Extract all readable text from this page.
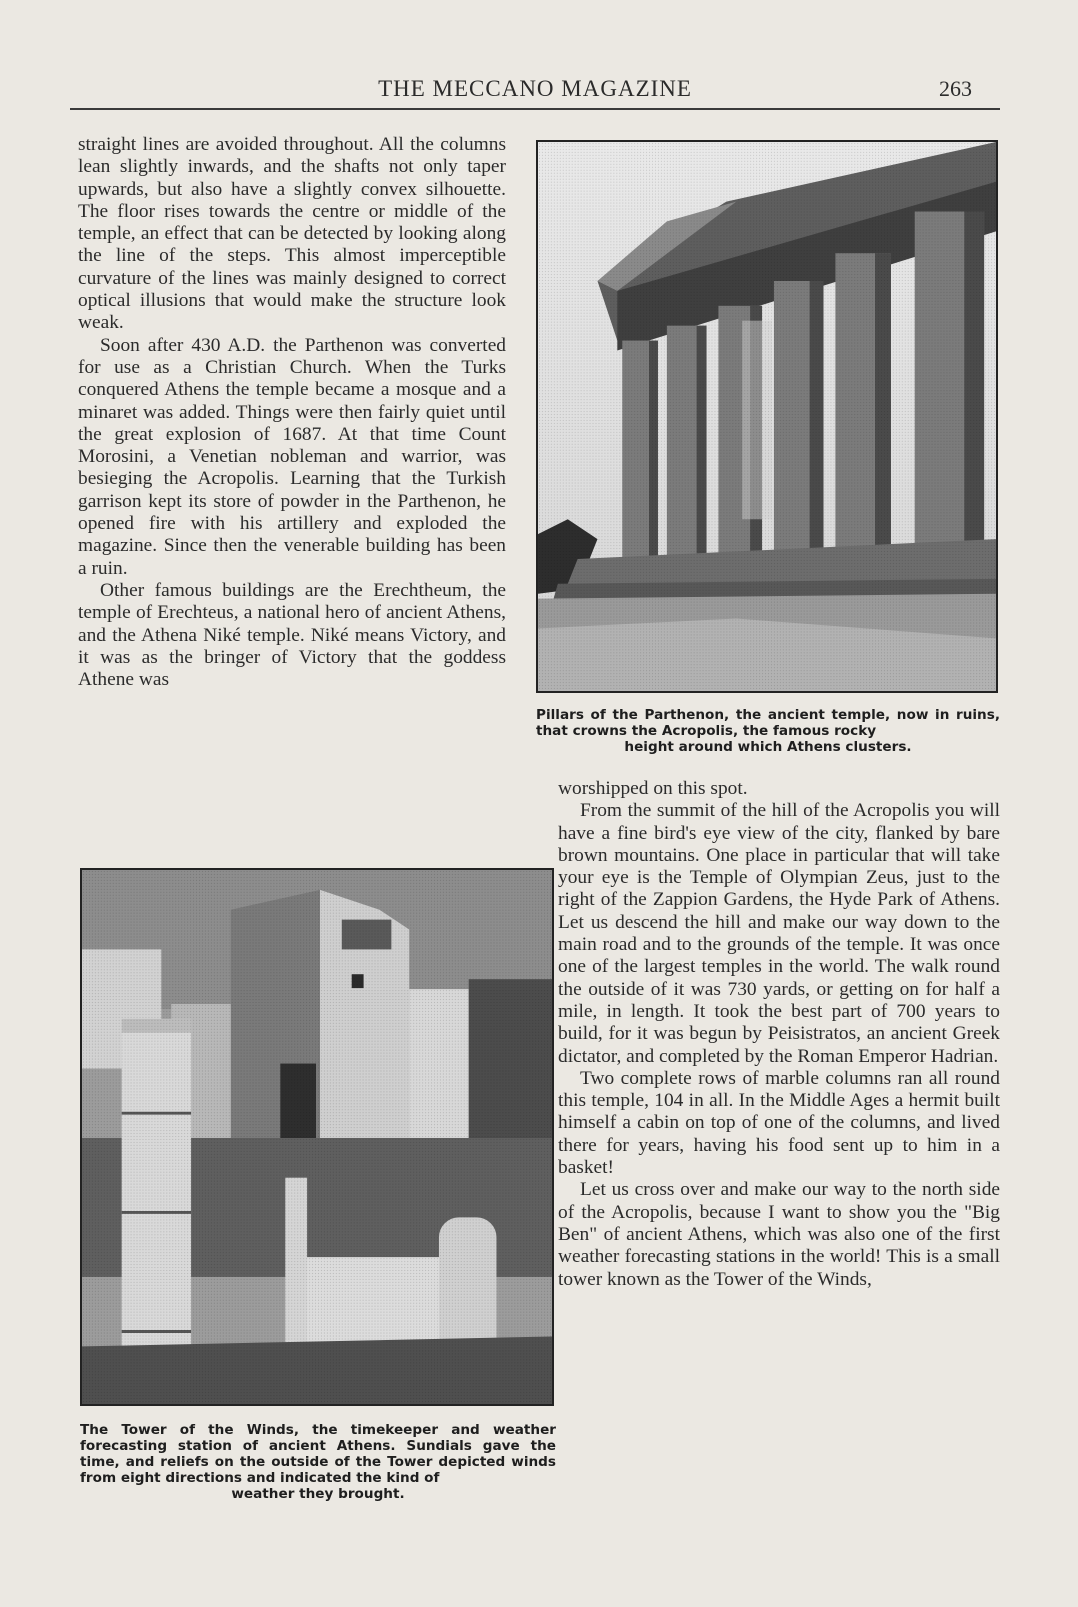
THE MECCANO MAGAZINE	263

straight lines are avoided throughout. All the columns lean slightly inwards, and the shafts not only taper upwards, but also have a slightly convex silhouette. The floor rises towards the centre or middle of the temple, an effect that can be detected by looking along the line of the steps. This almost imperceptible curvature of the lines was mainly designed to correct optical illusions that would make the structure look weak.

Soon after 430 A.D. the Parthenon was converted for use as a Christian Church. When the Turks conquered Athens the temple became a mosque and a minaret was added. Things were then fairly quiet until the great explosion of 1687. At that time Count Morosini, a Venetian nobleman and warrior, was besieging the Acropolis. Learning that the Turkish garrison kept its store of powder in the Parthenon, he opened fire with his artillery and exploded the magazine. Since then the venerable building has been a ruin.

Other famous buildings are the Erechtheum, the temple of Erechteus, a national hero of ancient Athens, and the Athena Niké temple. Niké means Victory, and it was as the bringer of Victory that the goddess Athene was

Pillars of the Parthenon, the ancient temple, now in ruins, that crowns the Acropolis, the famous rocky
height around which Athens clusters.

worshipped on this spot.

From the summit of the hill of the Acropolis you will have a fine bird's eye view of the city, flanked by bare brown mountains. One place in particular that will take your eye is the Temple of Olympian Zeus, just to the right of the Zappion Gardens, the Hyde Park of Athens. Let us descend the hill and make our way down to the main road and to the grounds of the temple. It was once one of the largest temples in the world. The walk round the outside of it was 730 yards, or getting on for half a mile, in length. It took the best part of 700 years to build, for it was begun by Peisistratos, an ancient Greek dictator, and completed by the Roman Emperor Hadrian.

Two complete rows of marble columns ran all round this temple, 104 in all. In the Middle Ages a hermit built himself a cabin on top of one of the columns, and lived there for years, having his food sent up to him in a basket!

Let us cross over and make our way to the north side of the Acropolis, because I want to show you the "Big Ben" of ancient Athens, which was also one of the first weather forecasting stations in the world! This is a small tower known as the Tower of the Winds,

The Tower of the Winds, the timekeeper and weather forecasting station of ancient Athens. Sundials gave the time, and reliefs on the outside of the Tower depicted winds from eight directions and indicated the kind of
weather they brought.
